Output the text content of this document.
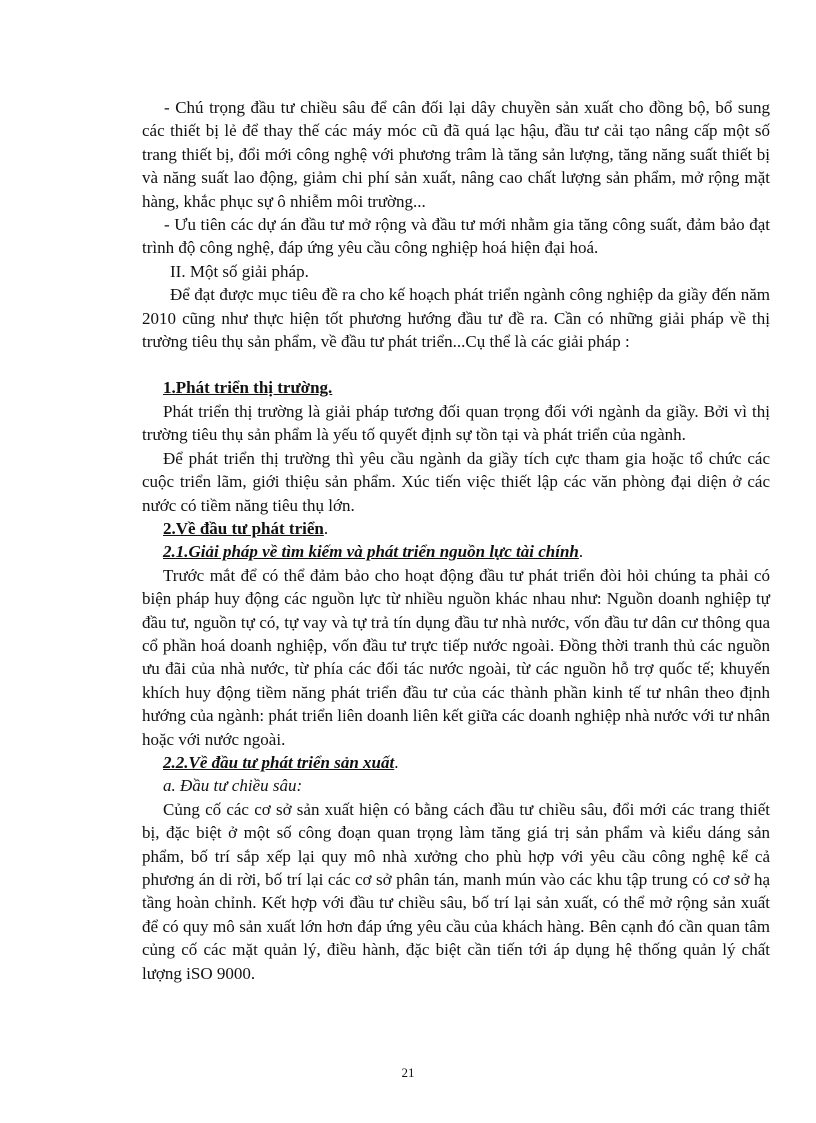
- Chú trọng đầu tư chiều sâu để cân đối lại dây chuyền sản xuất cho đồng bộ, bổ sung các thiết bị lẻ để thay thế các máy móc cũ đã quá lạc hậu, đầu tư cải tạo nâng cấp một số trang thiết bị, đổi mới công nghệ với phương trâm là tăng sản lượng, tăng năng suất thiết bị và năng suất lao động, giảm chi phí sản xuất, nâng cao chất lượng sản phẩm, mở rộng mặt hàng, khắc phục sự ô nhiễm môi trường...

- Ưu tiên các dự án đầu tư mở rộng và đầu tư mới nhằm gia tăng công suất, đảm bảo đạt trình độ công nghệ, đáp ứng yêu cầu công nghiệp hoá hiện đại hoá.

II. Một số giải pháp.

Để đạt được mục tiêu đề ra cho kế hoạch phát triển ngành công nghiệp da giầy đến năm 2010 cũng như thực hiện tốt phương hướng đầu tư đề ra. Cần có những giải pháp về thị trường tiêu thụ sản phẩm, về đầu tư phát triển...Cụ thể là các giải pháp :

1.Phát triển thị trường.

Phát triển thị trường là giải pháp tương đối quan trọng đối với ngành da giầy. Bởi vì thị trường tiêu thụ sản phẩm là yếu tố quyết định sự tồn tại và phát triển của ngành.

Để phát triển thị trường thì yêu cầu ngành da giầy tích cực tham gia hoặc tổ chức các cuộc triển lãm, giới thiệu sản phẩm. Xúc tiến việc thiết lập các văn phòng đại diện ở các nước có tiềm năng tiêu thụ lớn.

2.Về đầu tư phát triển.

2.1.Giải pháp về tìm kiếm và phát triển nguồn lực tài chính.

Trước mắt để có thể đảm bảo cho hoạt động đầu tư phát triển đòi hỏi chúng ta phải có biện pháp huy động các nguồn lực từ nhiều nguồn khác nhau như: Nguồn doanh nghiệp tự đầu tư, nguồn tự có, tự vay và tự trả tín dụng đầu tư nhà nước, vốn đầu tư dân cư thông qua cổ phần hoá doanh nghiệp, vốn đầu tư trực tiếp nước ngoài. Đồng thời tranh thủ các nguồn ưu đãi của nhà nước, từ phía các đối tác nước ngoài, từ các nguồn hỗ trợ quốc tế; khuyến khích huy động tiềm năng phát triển đầu tư của các thành phần kinh tế tư nhân theo định hướng của ngành: phát triển liên doanh liên kết giữa các doanh nghiệp nhà nước với tư nhân hoặc với nước ngoài.

2.2.Về đầu tư phát triển sản xuất.

a. Đầu tư chiều sâu:

Củng cố các cơ sở sản xuất hiện có bằng cách đầu tư chiều sâu, đổi mới các trang thiết bị, đặc biệt ở một số công đoạn quan trọng làm tăng giá trị sản phẩm và kiểu dáng sản phẩm, bố trí sắp xếp lại quy mô nhà xưởng cho phù hợp với yêu cầu công nghệ kể cả phương án di rời, bố trí lại các cơ sở phân tán, manh mún vào các khu tập trung có cơ sở hạ tầng hoàn chỉnh. Kết hợp với đầu tư chiều sâu, bố trí lại sản xuất, có thể mở rộng sản xuất để có quy mô sản xuất lớn hơn đáp ứng yêu cầu của khách hàng. Bên cạnh đó cần quan tâm củng cố các mặt quản lý, điều hành, đặc biệt cần tiến tới áp dụng hệ thống quản lý chất lượng iSO 9000.

21
